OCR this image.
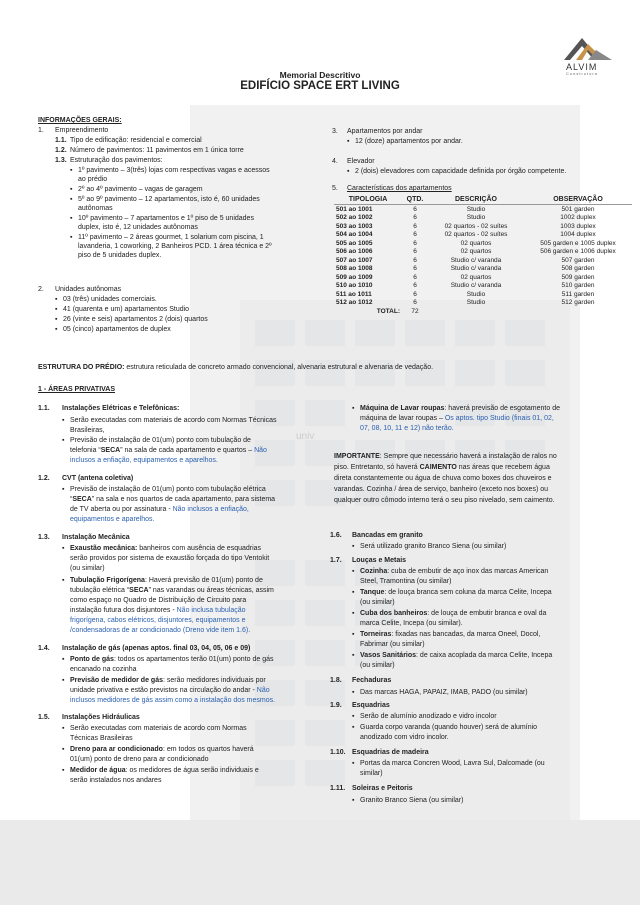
ALVIM
Construtora
Memorial Descritivo
EDIFÍCIO SPACE ERT LIVING
univ
INFORMAÇÕES GERAIS:
1. Empreendimento
1.1. Tipo de edificação: residencial e comercial
1.2. Número de pavimentos: 11 pavimentos em 1 única torre
1.3. Estruturação dos pavimentos:
▪ 1º pavimento – 3(três) lojas com respectivas vagas e acessos
ao prédio
▪ 2º ao 4º pavimento – vagas de garagem
▪ 5º ao 9º pavimento – 12 apartamentos, isto é, 60 unidades
autônomas
▪ 10º pavimento – 7 apartamentos e 1º piso de 5 unidades
duplex, isto é, 12 unidades autônomas
▪ 11º pavimento – 2 áreas gourmet, 1 solarium com piscina, 1
lavanderia, 1 coworking, 2 Banheiros PCD. 1 área técnica e 2º
piso de 5 unidades duplex.
2. Unidades autônomas
▪ 03 (três) unidades comerciais.
▪ 41 (quarenta e um) apartamentos Studio
▪ 26 (vinte e seis) apartamentos 2 (dois) quartos
▪ 05 (cinco) apartamentos de duplex
3. Apartamentos por andar
▪ 12 (doze) apartamentos por andar.
4. Elevador
▪ 2 (dois) elevadores com capacidade definida por órgão competente.
5. Características dos apartamentos
TIPOLOGIA	QTD.	DESCRIÇÃO	OBSERVAÇÃO
501 ao 1001	6	Studio	501 garden
502 ao 1002	6	Studio	1002 duplex
503 ao 1003	6	02 quartos - 02 suítes	1003 duplex
504 ao 1004	6	02 quartos - 02 suítes	1004 duplex
505 ao 1005	6	02 quartos	505 garden e 1005 duplex
506 ao 1006	6	02 quartos	506 garden e 1006 duplex
507 ao 1007	6	Studio c/ varanda	507 garden
508 ao 1008	6	Studio c/ varanda	508 garden
509 ao 1009	6	02 quartos	509 garden
510 ao 1010	6	Studio c/ varanda	510 garden
511 ao 1011	6	Studio	511 garden
512 ao 1012	6	Studio	512 garden
TOTAL:	72		
ESTRUTURA DO PRÉDIO: estrutura reticulada de concreto armado convencional, alvenaria estrutural e alvenaria de vedação.
1 - ÁREAS PRIVATIVAS
1.1. Instalações Elétricas e Telefônicas:
▪ Serão executadas com materiais de acordo com Normas Técnicas
Brasileiras,
▪ Previsão de instalação de 01(um) ponto com tubulação de
telefonia “SECA” na sala de cada apartamento e quartos – Não
inclusos a enfiação, equipamentos e aparelhos.
1.2. CVT (antena coletiva)
▪ Previsão de instalação de 01(um) ponto com tubulação elétrica
“SECA” na sala e nos quartos de cada apartamento, para sistema
de TV aberta ou por assinatura - Não inclusos a enfiação,
equipamentos e aparelhos.
1.3. Instalação Mecânica
▪ Exaustão mecânica: banheiros com ausência de esquadrias
serão providos por sistema de exaustão forçada do tipo Ventokit
(ou similar)
▪ Tubulação Frigorígena: Haverá previsão de 01(um) ponto de
tubulação elétrica “SECA” nas varandas ou áreas técnicas, assim
como espaço no Quadro de Distribuição de Circuito para
instalação futura dos disjuntores - Não inclusa tubulação
frigorígena, cabos elétricos, disjuntores, equipamentos e
/condensadoras de ar condicionado (Dreno vide item 1.6).
1.4. Instalação de gás (apenas aptos. final 03, 04, 05, 06 e 09)
▪ Ponto de gás: todos os apartamentos terão 01(um) ponto de gás
encanado na cozinha
▪ Previsão de medidor de gás: serão medidores individuais por
unidade privativa e estão previstos na circulação do andar - Não
inclusos medidores de gás assim como a instalação dos mesmos.
1.5. Instalações Hidráulicas
▪ Serão executadas com materiais de acordo com Normas
Técnicas Brasileiras
▪ Dreno para ar condicionado: em todos os quartos haverá
01(um) ponto de dreno para ar condicionado
▪ Medidor de água: os medidores de água serão individuais e
serão instalados nos andares
▪ Máquina de Lavar roupas: haverá previsão de esgotamento de
máquina de lavar roupas – Os aptos. tipo Studio (finais 01, 02,
07, 08, 10, 11 e 12) não terão.
IMPORTANTE: Sempre que necessário haverá a instalação de ralos no
piso. Entretanto, só haverá CAIMENTO nas áreas que recebem água
direta constantemente ou água de chuva como boxes dos chuveiros e
varandas. Cozinha / área de serviço, banheiro (exceto nos boxes) ou
qualquer outro cômodo interno terá o seu piso nivelado, sem caimento.
1.6. Bancadas em granito
▪ Será utilizado granito Branco Siena (ou similar)
1.7. Louças e Metais
▪ Cozinha: cuba de embutir de aço inox das marcas American
Steel, Tramontina (ou similar)
▪ Tanque: de louça branca sem coluna da marca Celite, Incepa
(ou similar)
▪ Cuba dos banheiros: de louça de embutir branca e oval da
marca Celite, Incepa (ou similar).
▪ Torneiras: fixadas nas bancadas, da marca Oneel, Docol,
Fabrimar (ou similar)
▪ Vasos Sanitários: de caixa acoplada da marca Celite, Incepa
(ou similar)
1.8. Fechaduras
▪ Das marcas HAGA, PAPAIZ, IMAB, PADO (ou similar)
1.9. Esquadrias
▪ Serão de alumínio anodizado e vidro incolor
▪ Guarda corpo varanda (quando houver) será de alumínio
anodizado com vidro incolor.
1.10. Esquadrias de madeira
▪ Portas da marca Concren Wood, Lavra Sul, Dalcomade (ou
similar)
1.11. Soleiras e Peitoris
▪ Granito Branco Siena (ou similar)
